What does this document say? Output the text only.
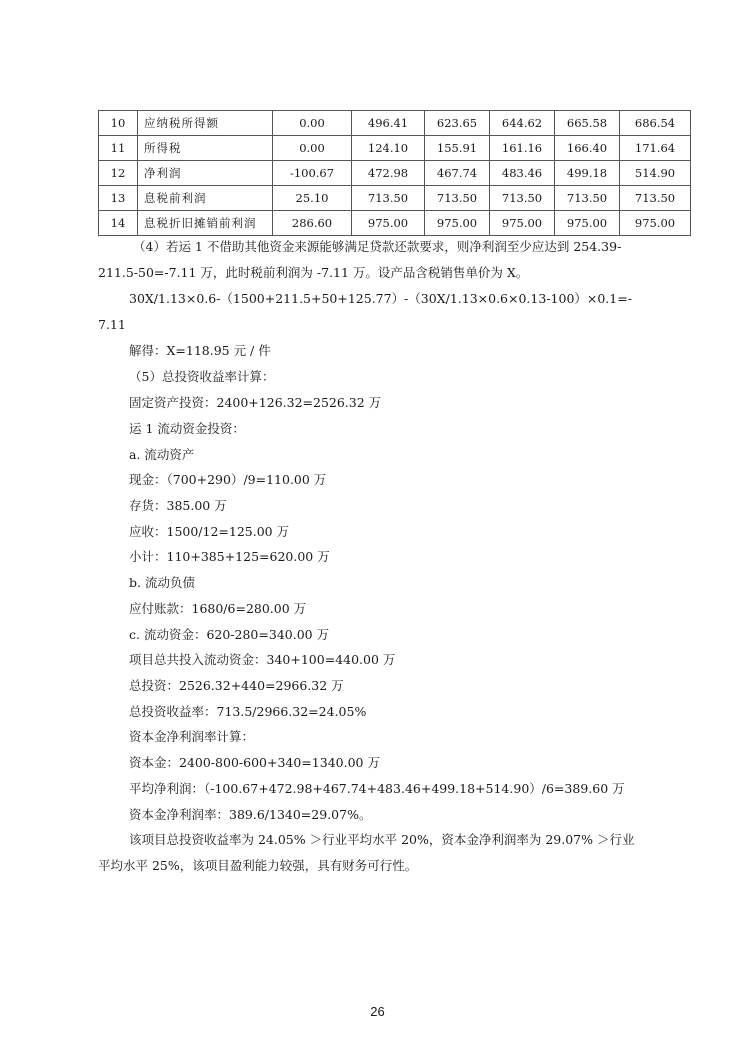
10	应纳税所得额	0.00	496.41	623.65	644.62	665.58	686.54
11	所得税	0.00	124.10	155.91	161.16	166.40	171.64
12	净利润	-100.67	472.98	467.74	483.46	499.18	514.90
13	息税前利润	25.10	713.50	713.50	713.50	713.50	713.50
14	息税折旧摊销前利润	286.60	975.00	975.00	975.00	975.00	975.00

（4）若运 1 不借助其他资金来源能够满足贷款还款要求，则净利润至少应达到 254.39-

211.5-50=-7.11 万，此时税前利润为 -7.11 万。设产品含税销售单价为 X。

30X/1.13×0.6-（1500+211.5+50+125.77）-（30X/1.13×0.6×0.13-100）×0.1=-

7.11

解得：X=118.95 元 / 件

（5）总投资收益率计算：

固定资产投资：2400+126.32=2526.32 万

运 1 流动资金投资：

a. 流动资产

现金：（700+290）/9=110.00 万

存货：385.00 万

应收：1500/12=125.00 万

小计：110+385+125=620.00 万

b. 流动负债

应付账款：1680/6=280.00 万

c. 流动资金：620-280=340.00 万

项目总共投入流动资金：340+100=440.00 万

总投资：2526.32+440=2966.32 万

总投资收益率：713.5/2966.32=24.05%

资本金净利润率计算：

资本金：2400-800-600+340=1340.00 万

平均净利润：（-100.67+472.98+467.74+483.46+499.18+514.90）/6=389.60 万

资本金净利润率：389.6/1340=29.07%。

该项目总投资收益率为 24.05% ＞行业平均水平 20%，资本金净利润率为 29.07% ＞行业

平均水平 25%，该项目盈利能力较强，具有财务可行性。

26
